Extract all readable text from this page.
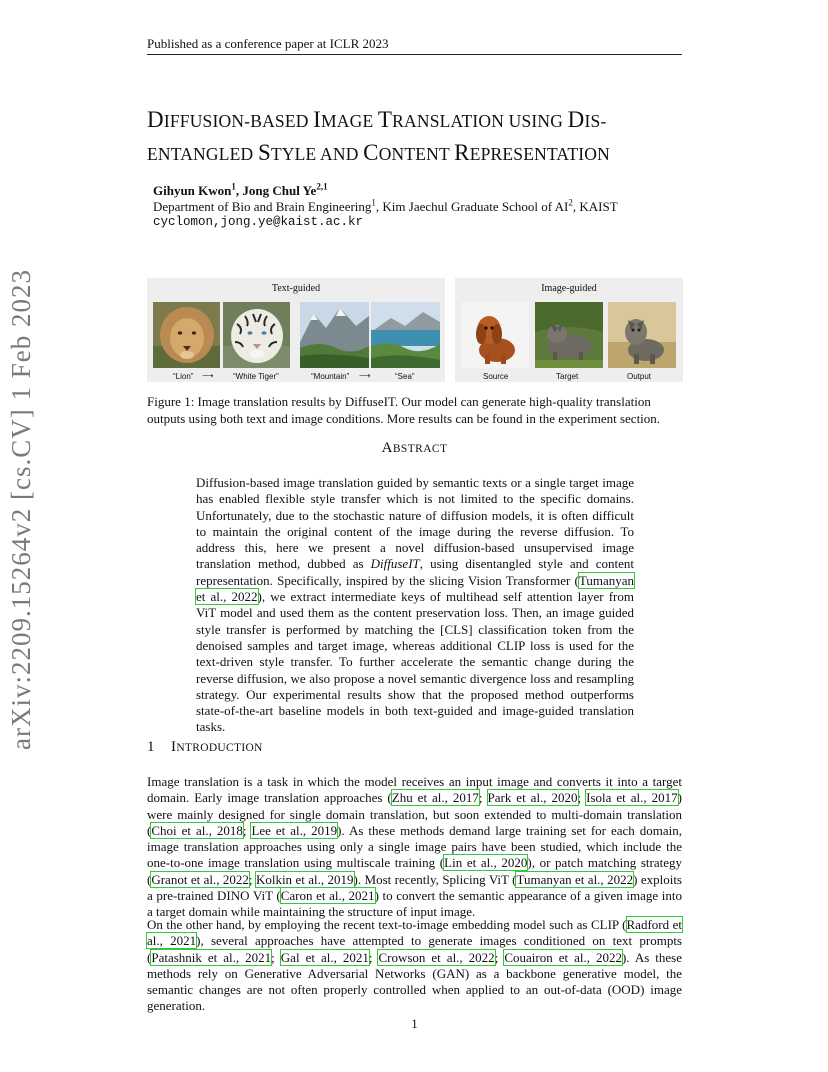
Published as a conference paper at ICLR 2023
DIFFUSION-BASED IMAGE TRANSLATION USING DIS-
ENTANGLED STYLE AND CONTENT REPRESENTATION
Gihyun Kwon$^1$, Jong Chul Ye$^{2,1}$
Department of Bio and Brain Engineering$^1$, Kim Jaechul Graduate School of $AI^2$, KAIST
cyclomon,jong.ye@kaist.ac.kr
arXiv:2209.15264v2 [cs.CV] 1 Feb 2023	Text-guided
“Lion” ⟶ “White Tiger”	“Mountain” ⟶	“Sea”
Image-guided
Source	Target	Output
Figure 1: Image translation results by DiffuseIT. Our model can generate high-quality translation outputs using both text and image conditions. More results can be found in the experiment section.
ABSTRACT
Diffusion-based image translation guided by semantic texts or a single target image has enabled flexible style transfer which is not limited to the specific domains. Unfortunately, due to the stochastic nature of diffusion models, it is often difficult to maintain the original content of the image during the reverse diffusion. To address this, here we present a novel diffusion-based unsupervised image translation method, dubbed as DiffuseIT, using disentangled style and content representation. Specifically, inspired by the slicing Vision Transformer (Tumanyan et al., 2022), we extract intermediate keys of multihead self attention layer from ViT model and used them as the content preservation loss. Then, an image guided style transfer is performed by matching the [CLS] classification token from the denoised samples and target image, whereas additional CLIP loss is used for the text-driven style transfer. To further accelerate the semantic change during the reverse diffusion, we also propose a novel semantic divergence loss and resampling strategy. Our experimental results show that the proposed method outperforms state-of-the-art baseline models in both text-guided and image-guided translation tasks.
1 INTRODUCTION
Image translation is a task in which the model receives an input image and converts it into a target domain. Early image translation approaches (Zhu et al., 2017; Park et al., 2020; Isola et al., 2017) were mainly designed for single domain translation, but soon extended to multi-domain translation (Choi et al., 2018; Lee et al., 2019). As these methods demand large training set for each domain, image translation approaches using only a single image pairs have been studied, which include the one-to-one image translation using multiscale training (Lin et al., 2020), or patch matching strategy (Granot et al., 2022; Kolkin et al., 2019). Most recently, Splicing ViT (Tumanyan et al., 2022) exploits a pre-trained DINO ViT (Caron et al., 2021) to convert the semantic appearance of a given image into a target domain while maintaining the structure of input image.
On the other hand, by employing the recent text-to-image embedding model such as CLIP (Radford et al., 2021), several approaches have attempted to generate images conditioned on text prompts (Patashnik et al., 2021; Gal et al., 2021; Crowson et al., 2022; Couairon et al., 2022). As these methods rely on Generative Adversarial Networks (GAN) as a backbone generative model, the semantic changes are not often properly controlled when applied to an out-of-data (OOD) image generation.
1
